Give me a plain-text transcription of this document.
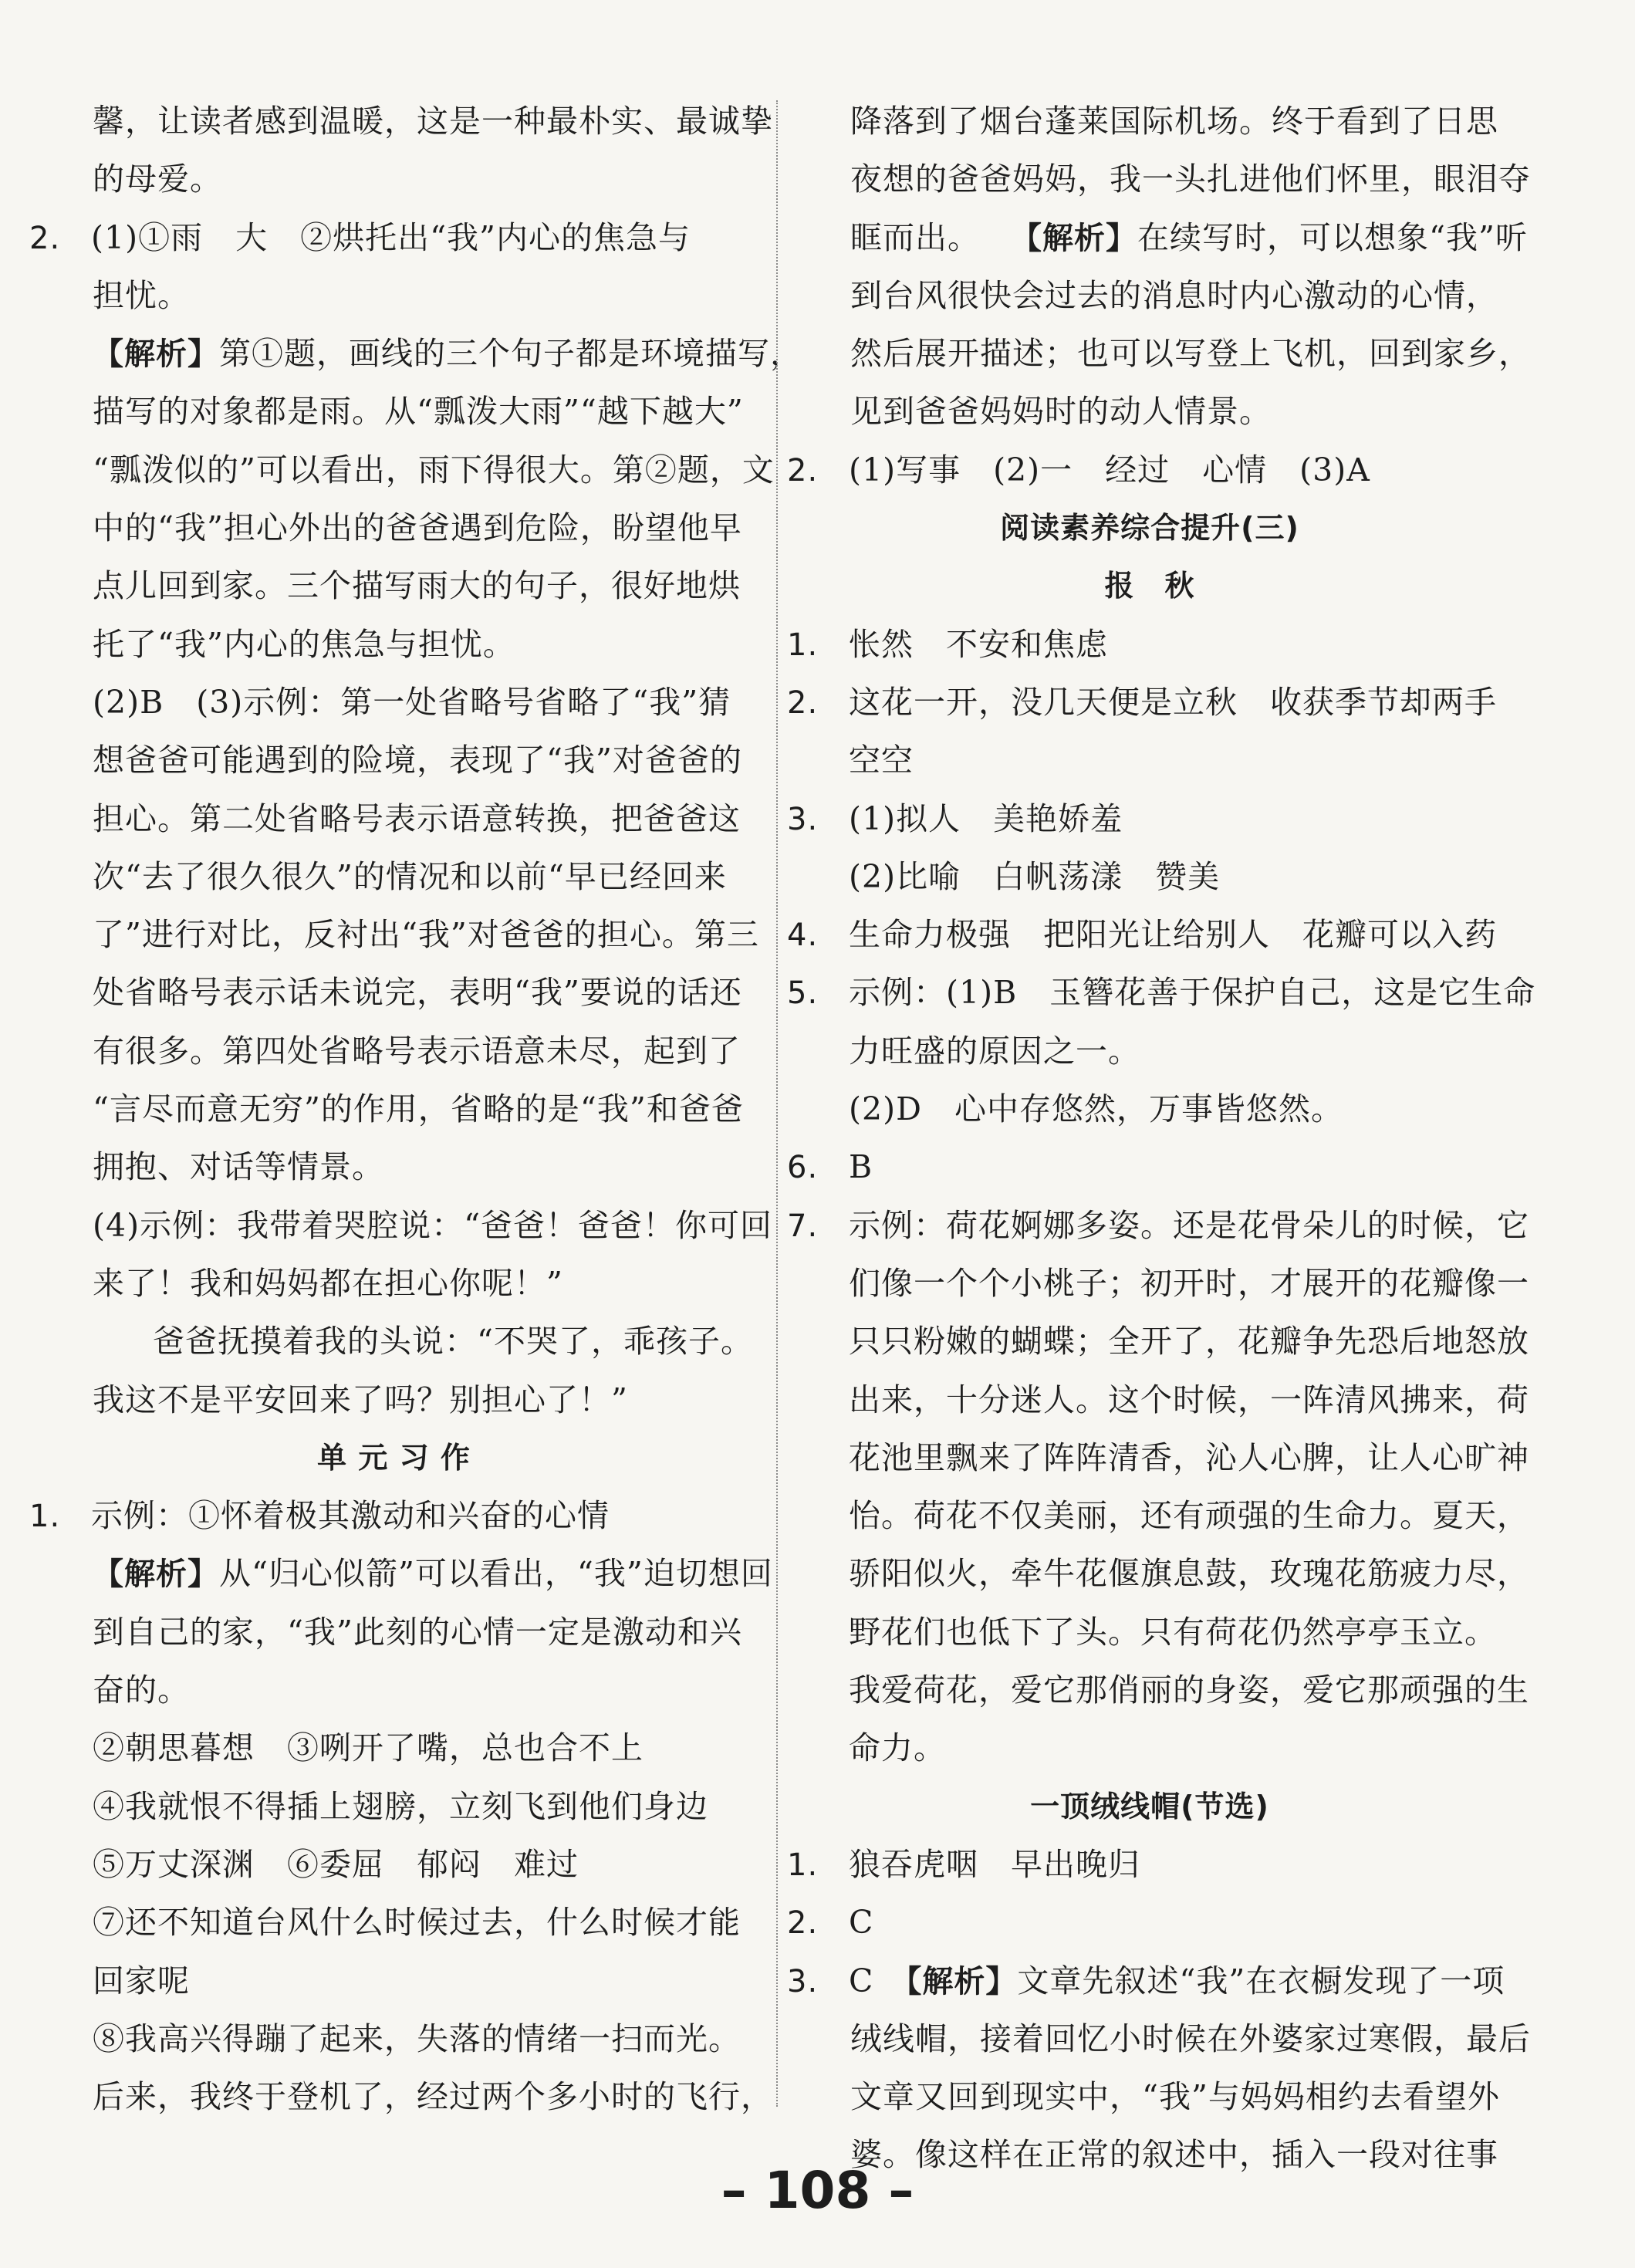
馨，让读者感到温暖，这是一种最朴实、最诚挚
的母爱。
2. (1)①雨　大　②烘托出“我”内心的焦急与
担忧。
【解析】第①题，画线的三个句子都是环境描写，
描写的对象都是雨。从“瓢泼大雨”“越下越大”
“瓢泼似的”可以看出，雨下得很大。第②题，文
中的“我”担心外出的爸爸遇到危险，盼望他早
点儿回到家。三个描写雨大的句子，很好地烘
托了“我”内心的焦急与担忧。
(2)B　(3)示例：第一处省略号省略了“我”猜
想爸爸可能遇到的险境，表现了“我”对爸爸的
担心。第二处省略号表示语意转换，把爸爸这
次“去了很久很久”的情况和以前“早已经回来
了”进行对比，反衬出“我”对爸爸的担心。第三
处省略号表示话未说完，表明“我”要说的话还
有很多。第四处省略号表示语意未尽，起到了
“言尽而意无穷”的作用，省略的是“我”和爸爸
拥抱、对话等情景。
(4)示例：我带着哭腔说：“爸爸！爸爸！你可回
来了！我和妈妈都在担心你呢！”
爸爸抚摸着我的头说：“不哭了，乖孩子。
我这不是平安回来了吗？别担心了！”
单 元 习 作
1. 示例：①怀着极其激动和兴奋的心情
【解析】从“归心似箭”可以看出，“我”迫切想回
到自己的家，“我”此刻的心情一定是激动和兴
奋的。
②朝思暮想　③咧开了嘴，总也合不上
④我就恨不得插上翅膀，立刻飞到他们身边
⑤万丈深渊　⑥委屈　郁闷　难过
⑦还不知道台风什么时候过去，什么时候才能
回家呢
⑧我高兴得蹦了起来，失落的情绪一扫而光。
后来，我终于登机了，经过两个多小时的飞行，
降落到了烟台蓬莱国际机场。终于看到了日思
夜想的爸爸妈妈，我一头扎进他们怀里，眼泪夺
眶而出。 【解析】在续写时，可以想象“我”听
到台风很快会过去的消息时内心激动的心情，
然后展开描述；也可以写登上飞机，回到家乡，
见到爸爸妈妈时的动人情景。
2. (1)写事　(2)一　经过　心情　(3)A
阅读素养综合提升(三)
报　秋
1. 怅然　不安和焦虑
2. 这花一开，没几天便是立秋　收获季节却两手
空空
3. (1)拟人　美艳娇羞
(2)比喻　白帆荡漾　赞美
4. 生命力极强　把阳光让给别人　花瓣可以入药
5. 示例：(1)B　玉簪花善于保护自己，这是它生命
力旺盛的原因之一。
(2)D　心中存悠然，万事皆悠然。
6. B
7. 示例：荷花婀娜多姿。还是花骨朵儿的时候，它
们像一个个小桃子；初开时，才展开的花瓣像一
只只粉嫩的蝴蝶；全开了，花瓣争先恐后地怒放
出来，十分迷人。这个时候，一阵清风拂来，荷
花池里飘来了阵阵清香，沁人心脾，让人心旷神
怡。荷花不仅美丽，还有顽强的生命力。夏天，
骄阳似火，牵牛花偃旗息鼓，玫瑰花筋疲力尽，
野花们也低下了头。只有荷花仍然亭亭玉立。
我爱荷花，爱它那俏丽的身姿，爱它那顽强的生
命力。
一顶绒线帽(节选)
1. 狼吞虎咽　早出晚归
2. C
3. C　【解析】文章先叙述“我”在衣橱发现了一项
绒线帽，接着回忆小时候在外婆家过寒假，最后
文章又回到现实中，“我”与妈妈相约去看望外
婆。像这样在正常的叙述中，插入一段对往事
– 108 –
